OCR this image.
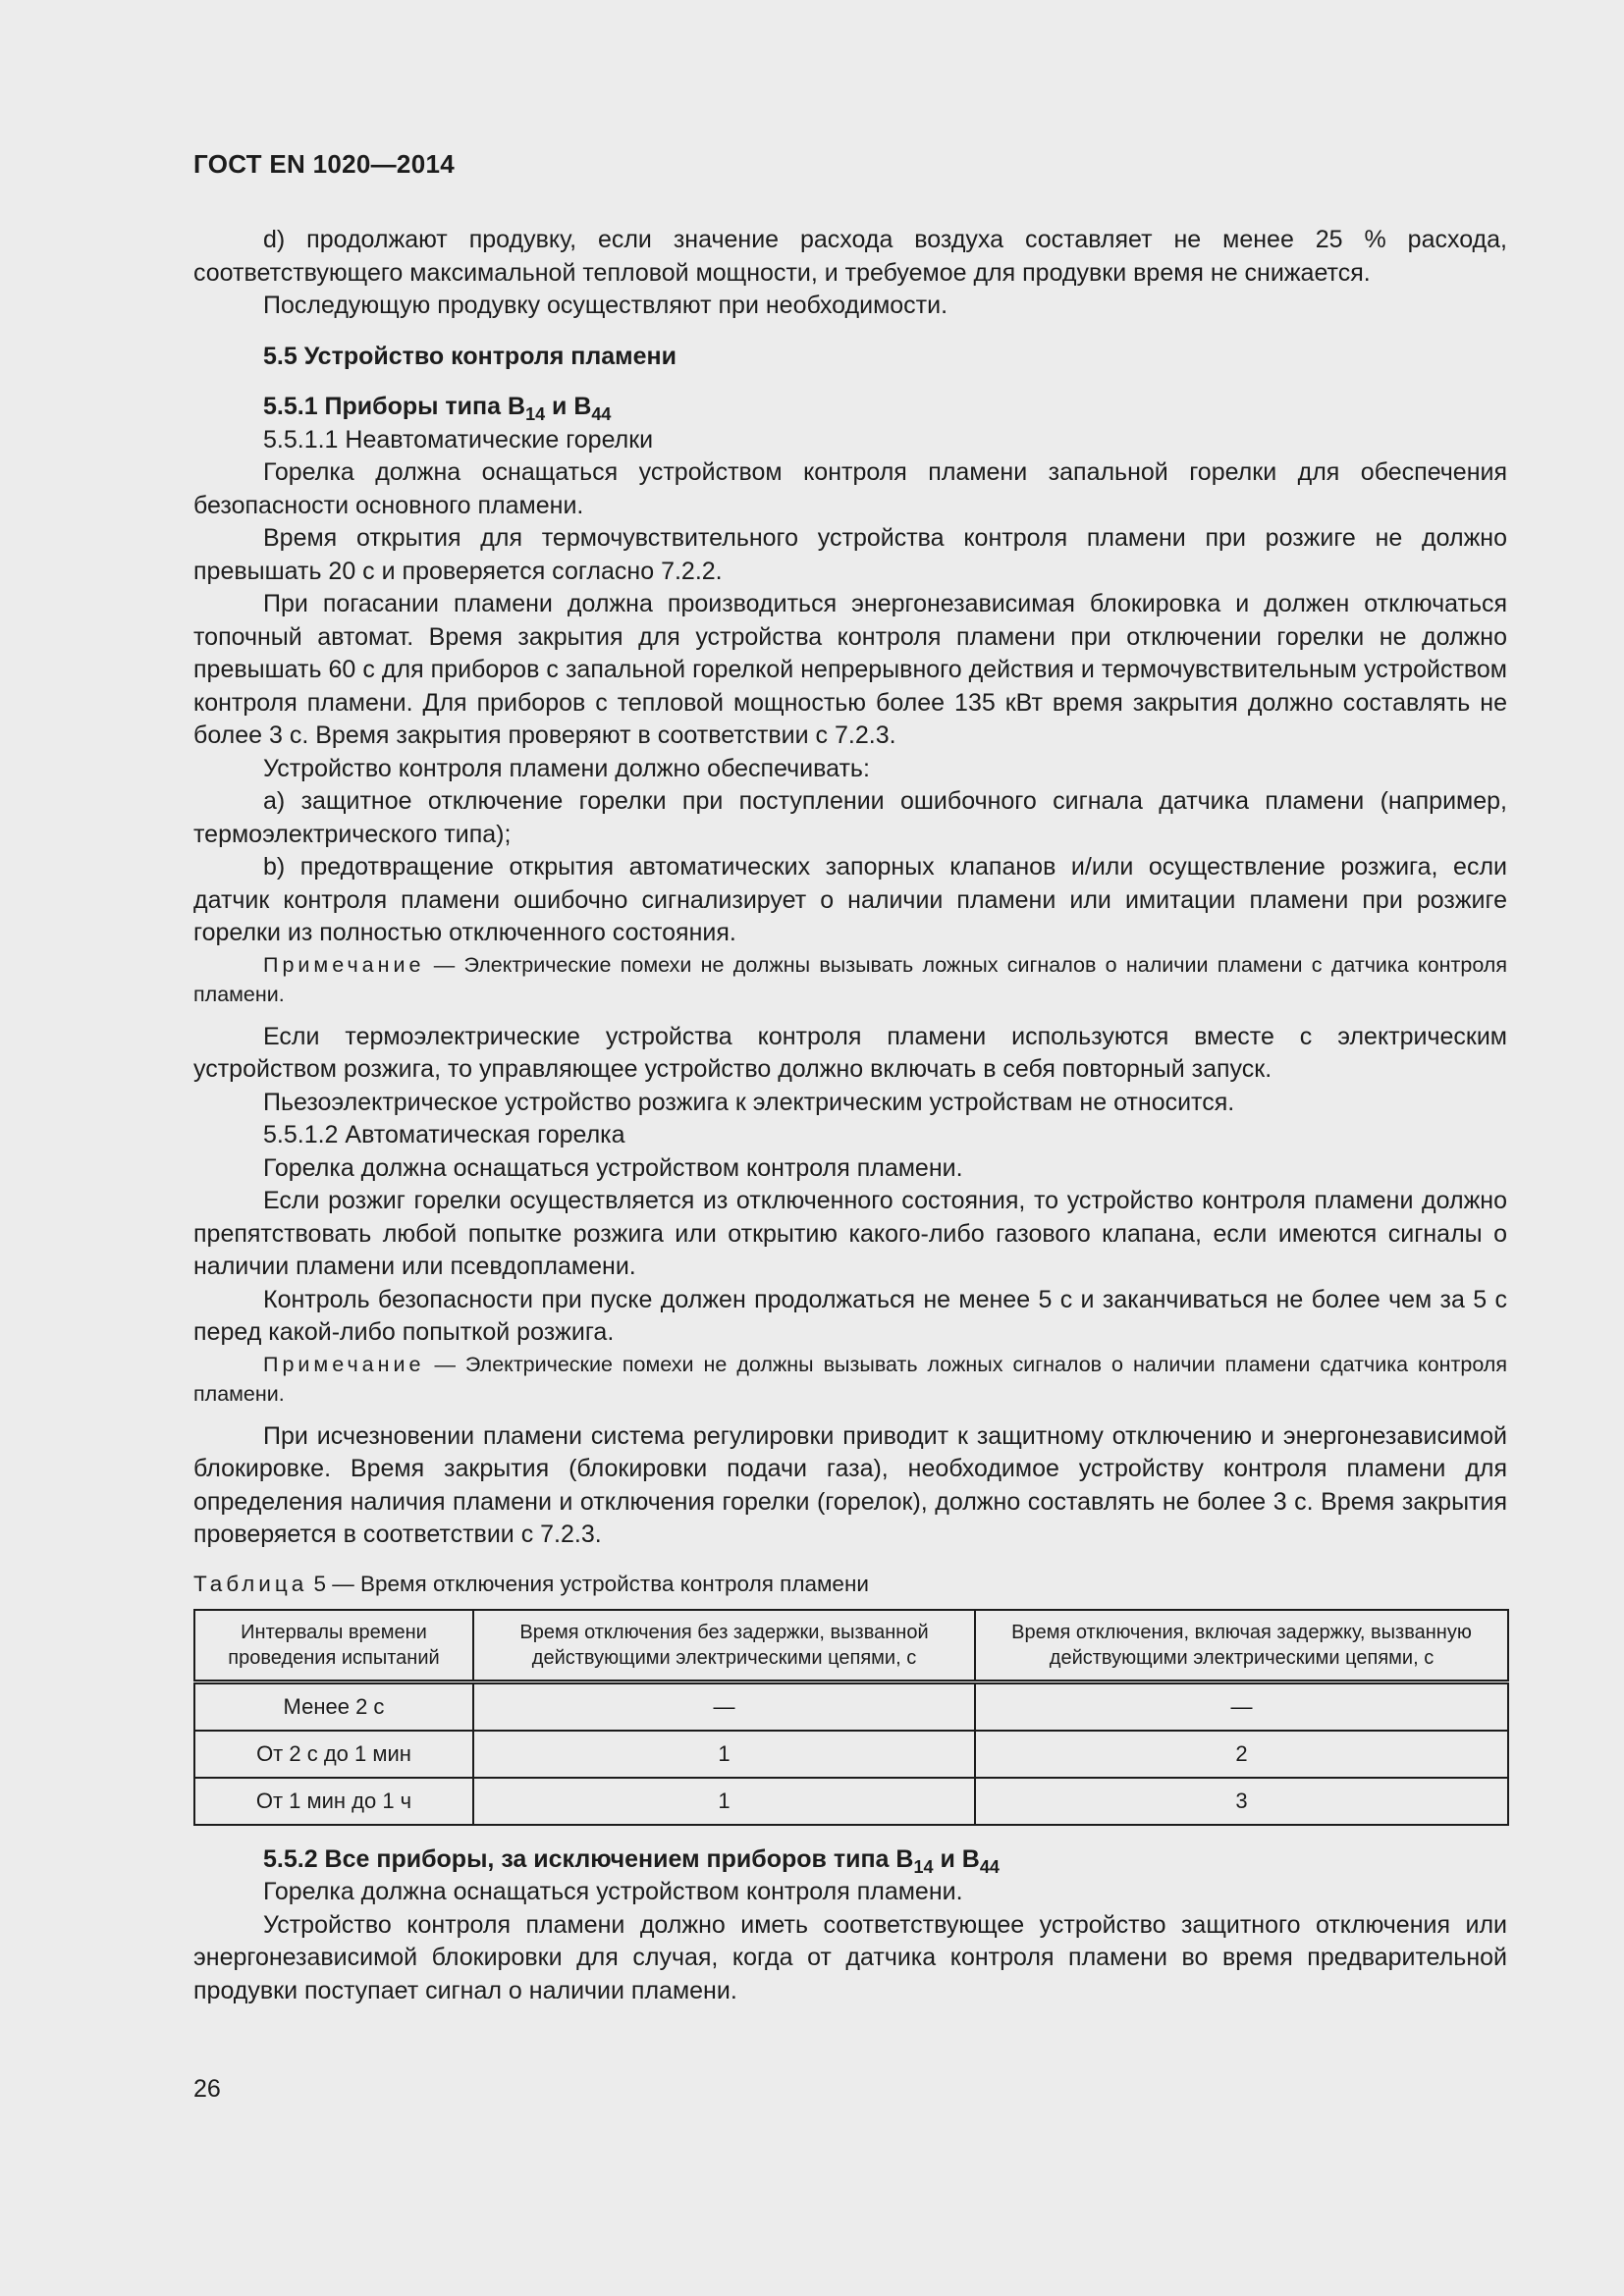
ГОСТ EN 1020—2014

d) продолжают продувку, если значение расхода воздуха составляет не менее 25 % расхода, соответствующего максимальной тепловой мощности, и требуемое для продувки время не снижается.

Последующую продувку осуществляют при необходимости.

5.5 Устройство контроля пламени

5.5.1 Приборы типа $B_{14}$ и $B_{44}$

5.5.1.1 Неавтоматические горелки

Горелка должна оснащаться устройством контроля пламени запальной горелки для обеспечения безопасности основного пламени.

Время открытия для термочувствительного устройства контроля пламени при розжиге не должно превышать 20 с и проверяется согласно 7.2.2.

При погасании пламени должна производиться энергонезависимая блокировка и должен отключаться топочный автомат. Время закрытия для устройства контроля пламени при отключении горелки не должно превышать 60 с для приборов с запальной горелкой непрерывного действия и термочувствительным устройством контроля пламени. Для приборов с тепловой мощностью более 135 кВт время закрытия должно составлять не более 3 с. Время закрытия проверяют в соответствии с 7.2.3.

Устройство контроля пламени должно обеспечивать:

a) защитное отключение горелки при поступлении ошибочного сигнала датчика пламени (например, термоэлектрического типа);

b) предотвращение открытия автоматических запорных клапанов и/или осуществление розжига, если датчик контроля пламени ошибочно сигнализирует о наличии пламени или имитации пламени при розжиге горелки из полностью отключенного состояния.

Примечание — Электрические помехи не должны вызывать ложных сигналов о наличии пламени с датчика контроля пламени.

Если термоэлектрические устройства контроля пламени используются вместе с электрическим устройством розжига, то управляющее устройство должно включать в себя повторный запуск.

Пьезоэлектрическое устройство розжига к электрическим устройствам не относится.

5.5.1.2 Автоматическая горелка

Горелка должна оснащаться устройством контроля пламени.

Если розжиг горелки осуществляется из отключенного состояния, то устройство контроля пламени должно препятствовать любой попытке розжига или открытию какого-либо газового клапана, если имеются сигналы о наличии пламени или псевдопламени.

Контроль безопасности при пуске должен продолжаться не менее 5 с и заканчиваться не более чем за 5 с перед какой-либо попыткой розжига.

Примечание — Электрические помехи не должны вызывать ложных сигналов о наличии пламени сдатчика контроля пламени.

При исчезновении пламени система регулировки приводит к защитному отключению и энергонезависимой блокировке. Время закрытия (блокировки подачи газа), необходимое устройству контроля пламени для определения наличия пламени и отключения горелки (горелок), должно составлять не более 3 с. Время закрытия проверяется в соответствии с 7.2.3.

Таблица 5 — Время отключения устройства контроля пламени

Интервалы времени проведения испытаний	Время отключения без задержки, вызванной действующими электрическими цепями, с	Время отключения, включая задержку, вызванную действующими электрическими цепями, с
Менее 2 с	—	—
От 2 с до 1 мин	1	2
От 1 мин до 1 ч	1	3

5.5.2 Все приборы, за исключением приборов типа $B_{14}$ и $B_{44}$

Горелка должна оснащаться устройством контроля пламени.

Устройство контроля пламени должно иметь соответствующее устройство защитного отключения или энергонезависимой блокировки для случая, когда от датчика контроля пламени во время предварительной продувки поступает сигнал о наличии пламени.

26
